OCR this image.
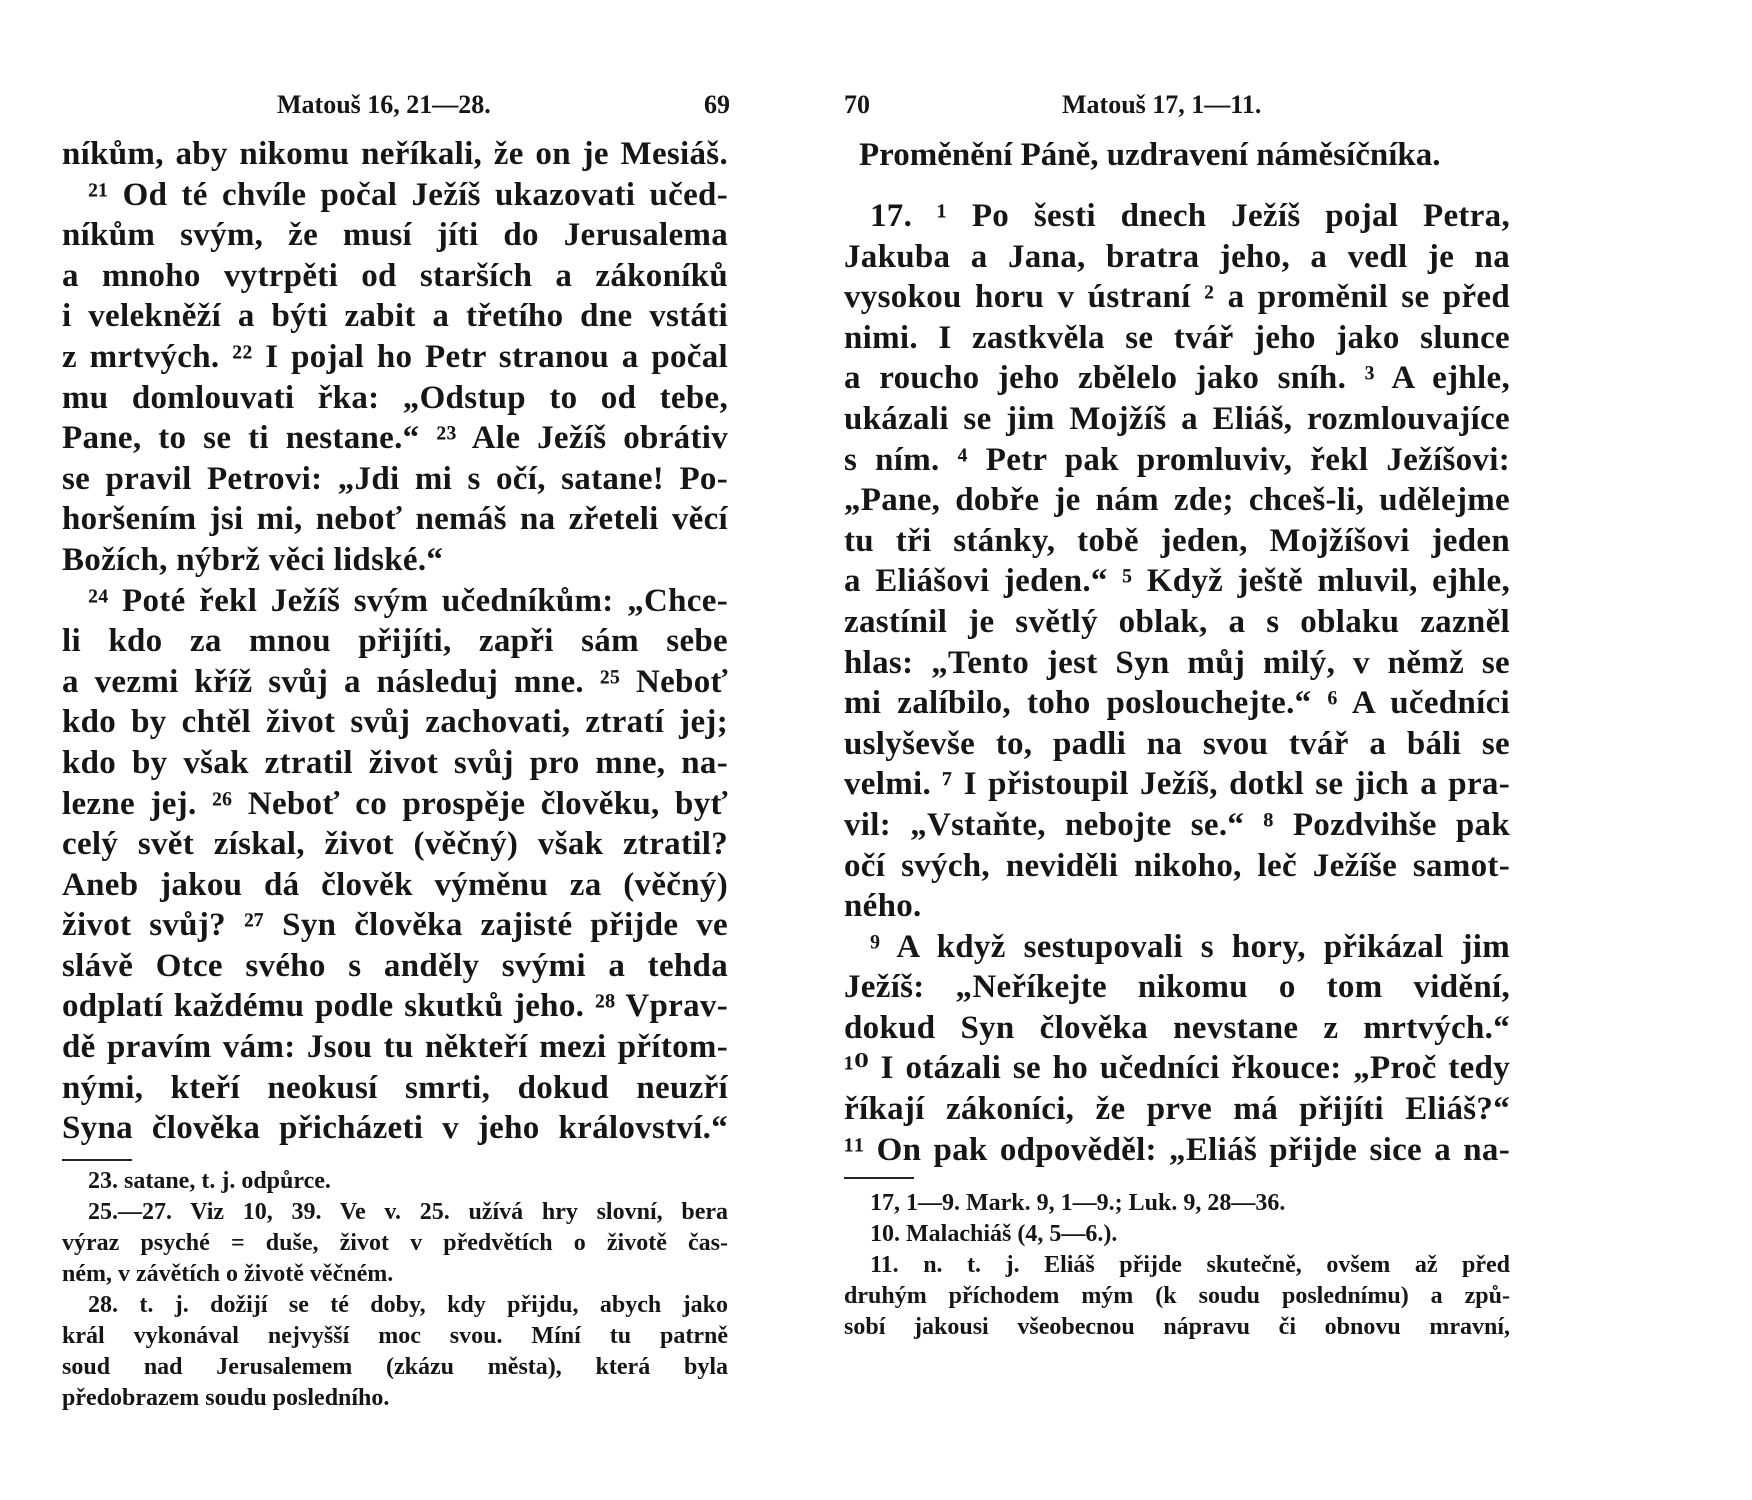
Matouš 16, 21—28.	69
níkům, aby nikomu neříkali, že on je Mesiáš.
²¹ Od té chvíle počal Ježíš ukazovati učed-
níkům svým, že musí jíti do Jerusalema
a mnoho vytrpěti od starších a zákoníků
i velekněží a býti zabit a třetího dne vstáti
z mrtvých. ²² I pojal ho Petr stranou a počal
mu domlouvati řka: „Odstup to od tebe,
Pane, to se ti nestane.“ ²³ Ale Ježíš obrátiv
se pravil Petrovi: „Jdi mi s očí, satane! Po-
horšením jsi mi, neboť nemáš na zřeteli věcí
Božích, nýbrž věci lidské.“
²⁴ Poté řekl Ježíš svým učedníkům: „Chce-
li kdo za mnou přijíti, zapři sám sebe
a vezmi kříž svůj a následuj mne. ²⁵ Neboť
kdo by chtěl život svůj zachovati, ztratí jej;
kdo by však ztratil život svůj pro mne, na-
lezne jej. ²⁶ Neboť co prospěje člověku, byť
celý svět získal, život (věčný) však ztratil?
Aneb jakou dá člověk výměnu za (věčný)
život svůj? ²⁷ Syn člověka zajisté přijde ve
slávě Otce svého s anděly svými a tehda
odplatí každému podle skutků jeho. ²⁸ Vprav-
dě pravím vám: Jsou tu někteří mezi přítom-
nými, kteří neokusí smrti, dokud neuzří
Syna člověka přicházeti v jeho království.“
23. satane, t. j. odpůrce.
25.—27. Viz 10, 39. Ve v. 25. užívá hry slovní, bera
výraz psyché = duše, život v předvětích o životě čas-
ném, v závětích o životě věčném.
28. t. j. dožijí se té doby, kdy přijdu, abych jako
král vykonával nejvyšší moc svou. Míní tu patrně
soud nad Jerusalemem (zkázu města), která byla
předobrazem soudu posledního.
70	Matouš 17, 1—11.
Proměnění Páně, uzdravení náměsíčníka.
17. ¹ Po šesti dnech Ježíš pojal Petra,
Jakuba a Jana, bratra jeho, a vedl je na
vysokou horu v ústraní ² a proměnil se před
nimi. I zastkvěla se tvář jeho jako slunce
a roucho jeho zbělelo jako sníh. ³ A ejhle,
ukázali se jim Mojžíš a Eliáš, rozmlouvajíce
s ním. ⁴ Petr pak promluviv, řekl Ježíšovi:
„Pane, dobře je nám zde; chceš-li, udělejme
tu tři stánky, tobě jeden, Mojžíšovi jeden
a Eliášovi jeden.“ ⁵ Když ještě mluvil, ejhle,
zastínil je světlý oblak, a s oblaku zazněl
hlas: „Tento jest Syn můj milý, v němž se
mi zalíbilo, toho poslouchejte.“ ⁶ A učedníci
uslyševše to, padli na svou tvář a báli se
velmi. ⁷ I přistoupil Ježíš, dotkl se jich a pra-
vil: „Vstaňte, nebojte se.“ ⁸ Pozdvihše pak
očí svých, neviděli nikoho, leč Ježíše samot-
ného.
⁹ A když sestupovali s hory, přikázal jim
Ježíš: „Neříkejte nikomu o tom vidění,
dokud Syn člověka nevstane z mrtvých.“
¹⁰ I otázali se ho učedníci řkouce: „Proč tedy
říkají zákoníci, že prve má přijíti Eliáš?“
¹¹ On pak odpověděl: „Eliáš přijde sice a na-
17, 1—9. Mark. 9, 1—9.; Luk. 9, 28—36.
10. Malachiáš (4, 5—6.).
11. n. t. j. Eliáš přijde skutečně, ovšem až před
druhým příchodem mým (k soudu poslednímu) a způ-
sobí jakousi všeobecnou nápravu či obnovu mravní,
